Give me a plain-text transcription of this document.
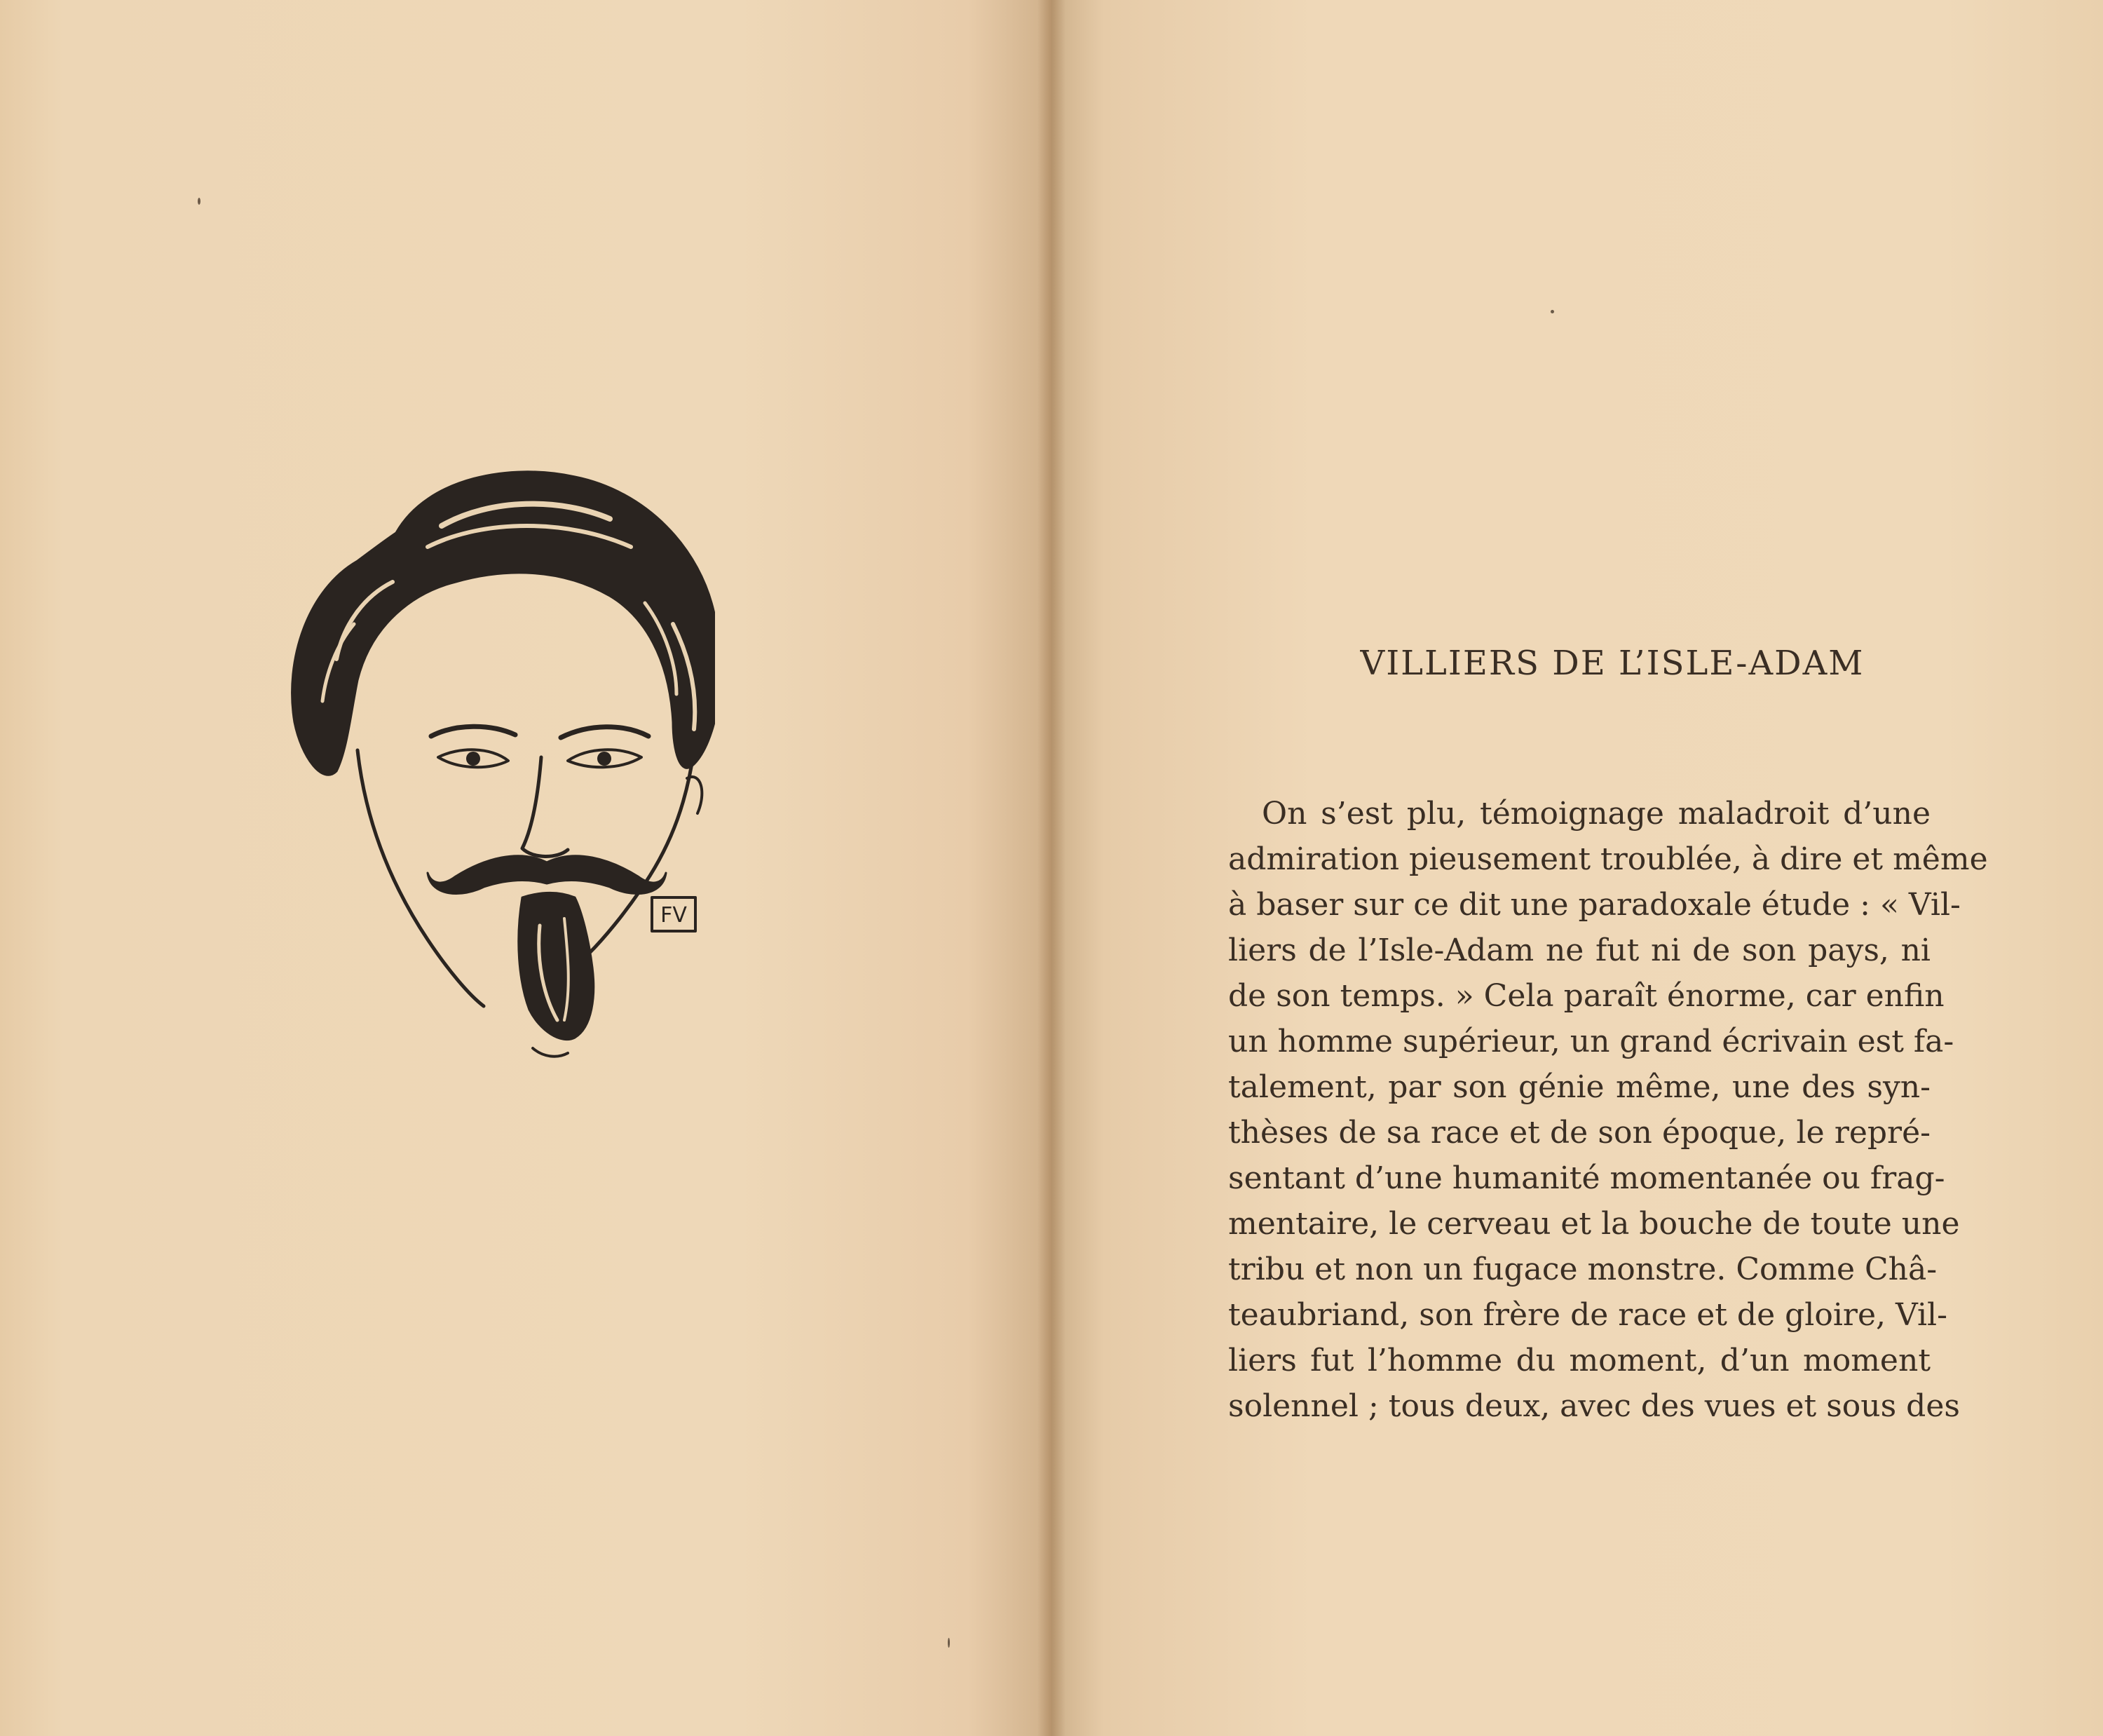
FV
VILLIERS DE L’ISLE-ADAM
On s’est plu, témoignage maladroit d’une
admiration pieusement troublée, à dire et même
à baser sur ce dit une paradoxale étude : « Vil-
liers de l’Isle-Adam ne fut ni de son pays, ni
de son temps. » Cela paraît énorme, car enfin
un homme supérieur, un grand écrivain est fa-
talement, par son génie même, une des syn-
thèses de sa race et de son époque, le repré-
sentant d’une humanité momentanée ou frag-
mentaire, le cerveau et la bouche de toute une
tribu et non un fugace monstre. Comme Châ-
teaubriand, son frère de race et de gloire, Vil-
liers fut l’homme du moment, d’un moment
solennel ; tous deux, avec des vues et sous des
